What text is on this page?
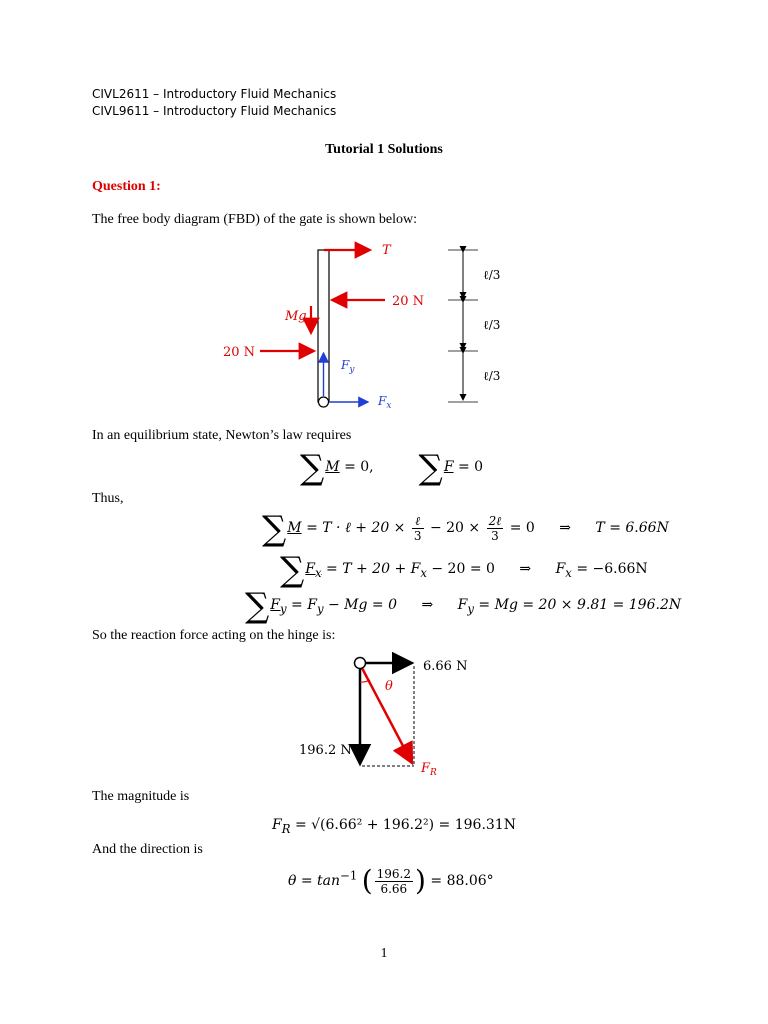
CIVL2611 – Introductory Fluid Mechanics
CIVL9611 – Introductory Fluid Mechanics
Tutorial 1 Solutions
Question 1:
The free body diagram (FBD) of the gate is shown below:
T
20 N
Mg
20 N
$F_y$
$F_x$
ℓ/3
ℓ/3
ℓ/3
In an equilibrium state, Newton’s law requires
∑M = 0, ∑F = 0
Thus,
∑M = T · ℓ + $20 \times \frac{\text{ℓ}}{3} - 20 \times \frac{\text{2ℓ}}{3} = 0$ ⇒ T = 6.66N
$\sum F_x = T + 20 + F_x - 20 = 0$ ⇒ $F_x = -6.66N$
$\sum F_y = F_y - Mg = 0$ ⇒ $F_y = Mg = 20 \times 9.81 = 196.2N$
So the reaction force acting on the hinge is:
6.66 N
θ
196.2 N
$F_R$
The magnitude is
$F_R = √(6.66^2 + 196.2^2) = 196.31N$
And the direction is
$\theta = \tan^{-1}$ ( $\frac{196.2}{6.66}$ ) = 88.06°
1
